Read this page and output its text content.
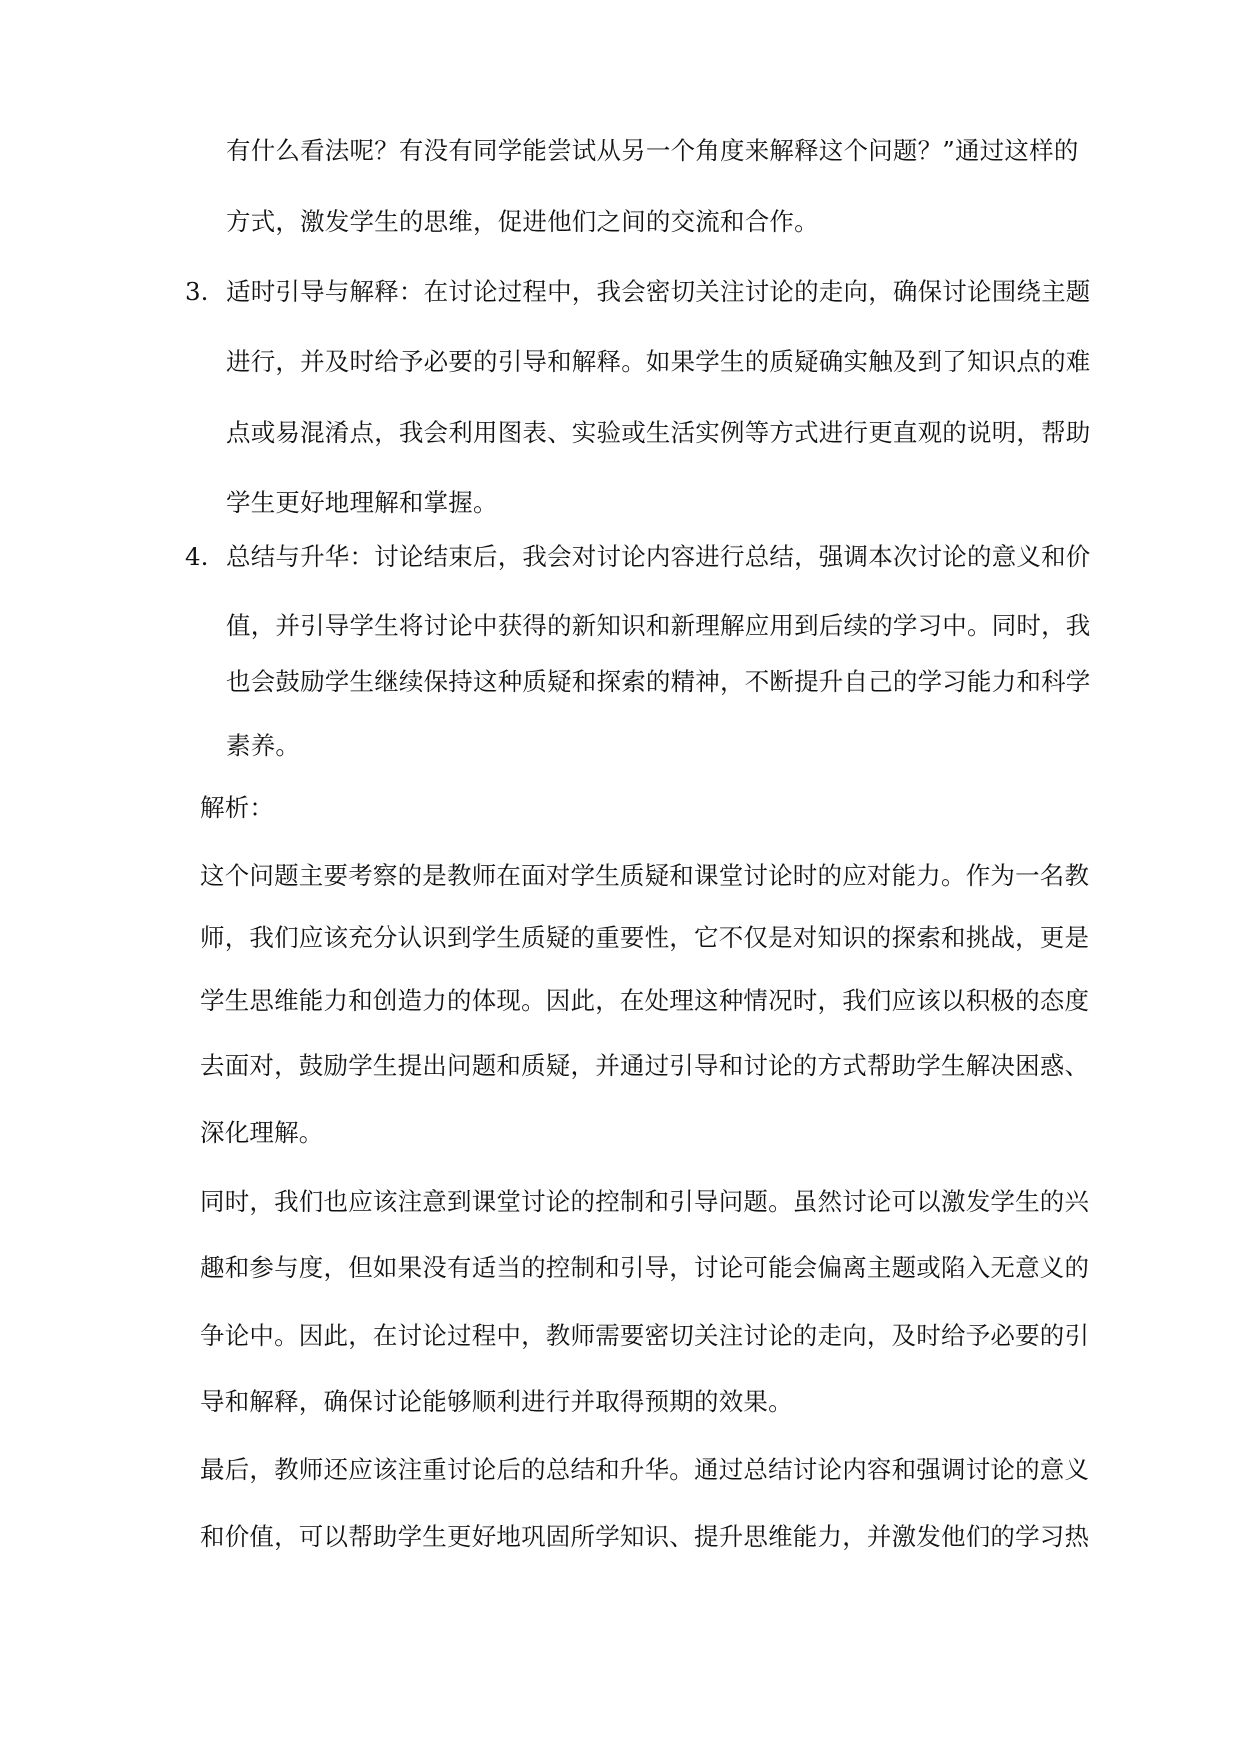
有什么看法呢？有没有同学能尝试从另一个角度来解释这个问题？”通过这样的
方式，激发学生的思维，促进他们之间的交流和合作。
3. 适时引导与解释：在讨论过程中，我会密切关注讨论的走向，确保讨论围绕主题
进行，并及时给予必要的引导和解释。如果学生的质疑确实触及到了知识点的难
点或易混淆点，我会利用图表、实验或生活实例等方式进行更直观的说明，帮助
学生更好地理解和掌握。
4. 总结与升华：讨论结束后，我会对讨论内容进行总结，强调本次讨论的意义和价
值，并引导学生将讨论中获得的新知识和新理解应用到后续的学习中。同时，我
也会鼓励学生继续保持这种质疑和探索的精神，不断提升自己的学习能力和科学
素养。
解析：
这个问题主要考察的是教师在面对学生质疑和课堂讨论时的应对能力。作为一名教
师，我们应该充分认识到学生质疑的重要性，它不仅是对知识的探索和挑战，更是
学生思维能力和创造力的体现。因此，在处理这种情况时，我们应该以积极的态度
去面对，鼓励学生提出问题和质疑，并通过引导和讨论的方式帮助学生解决困惑、
深化理解。
同时，我们也应该注意到课堂讨论的控制和引导问题。虽然讨论可以激发学生的兴
趣和参与度，但如果没有适当的控制和引导，讨论可能会偏离主题或陷入无意义的
争论中。因此，在讨论过程中，教师需要密切关注讨论的走向，及时给予必要的引
导和解释，确保讨论能够顺利进行并取得预期的效果。
最后，教师还应该注重讨论后的总结和升华。通过总结讨论内容和强调讨论的意义
和价值，可以帮助学生更好地巩固所学知识、提升思维能力，并激发他们的学习热
